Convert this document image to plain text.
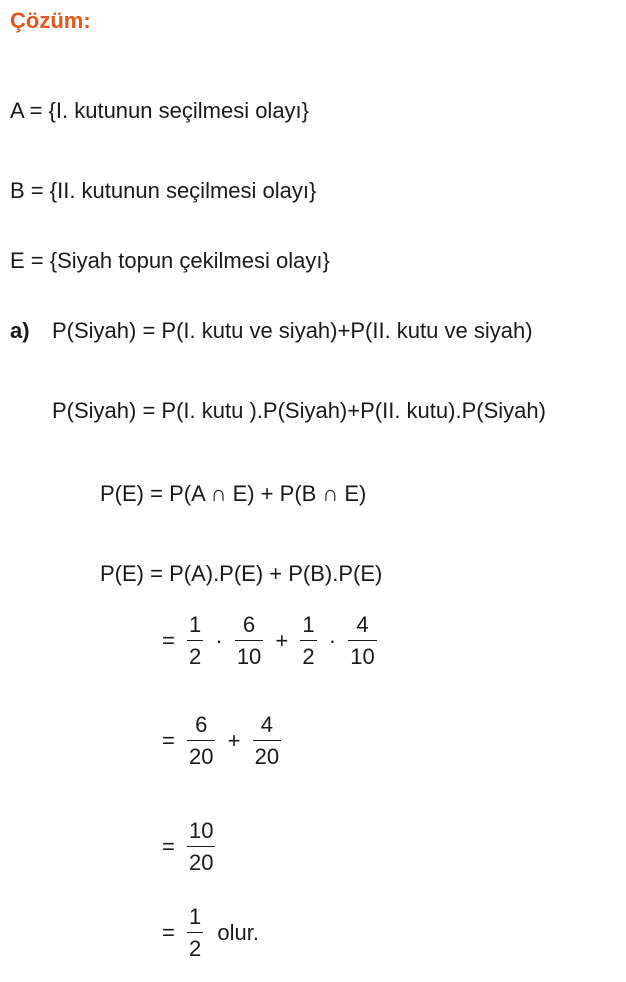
Çözüm:
A = {I. kutunun seçilmesi olayı}
B = {II. kutunun seçilmesi olayı}
E = {Siyah topun çekilmesi olayı}
a) P(Siyah) = P(I. kutu ve siyah)+P(II. kutu ve siyah)
P(Siyah) = P(I. kutu ).P(Siyah)+P(II. kutu).P(Siyah)
P(E) = P(A ∩ E) + P(B ∩ E)
P(E) = P(A).P(E) + P(B).P(E)
= $\frac{1}{2} \cdot \frac{6}{10} + \frac{1}{2} \cdot \frac{4}{10}$
= $\frac{6}{20} + \frac{4}{20}$
= $\frac{10}{20}$
= $\frac{1}{2}$ olur.
